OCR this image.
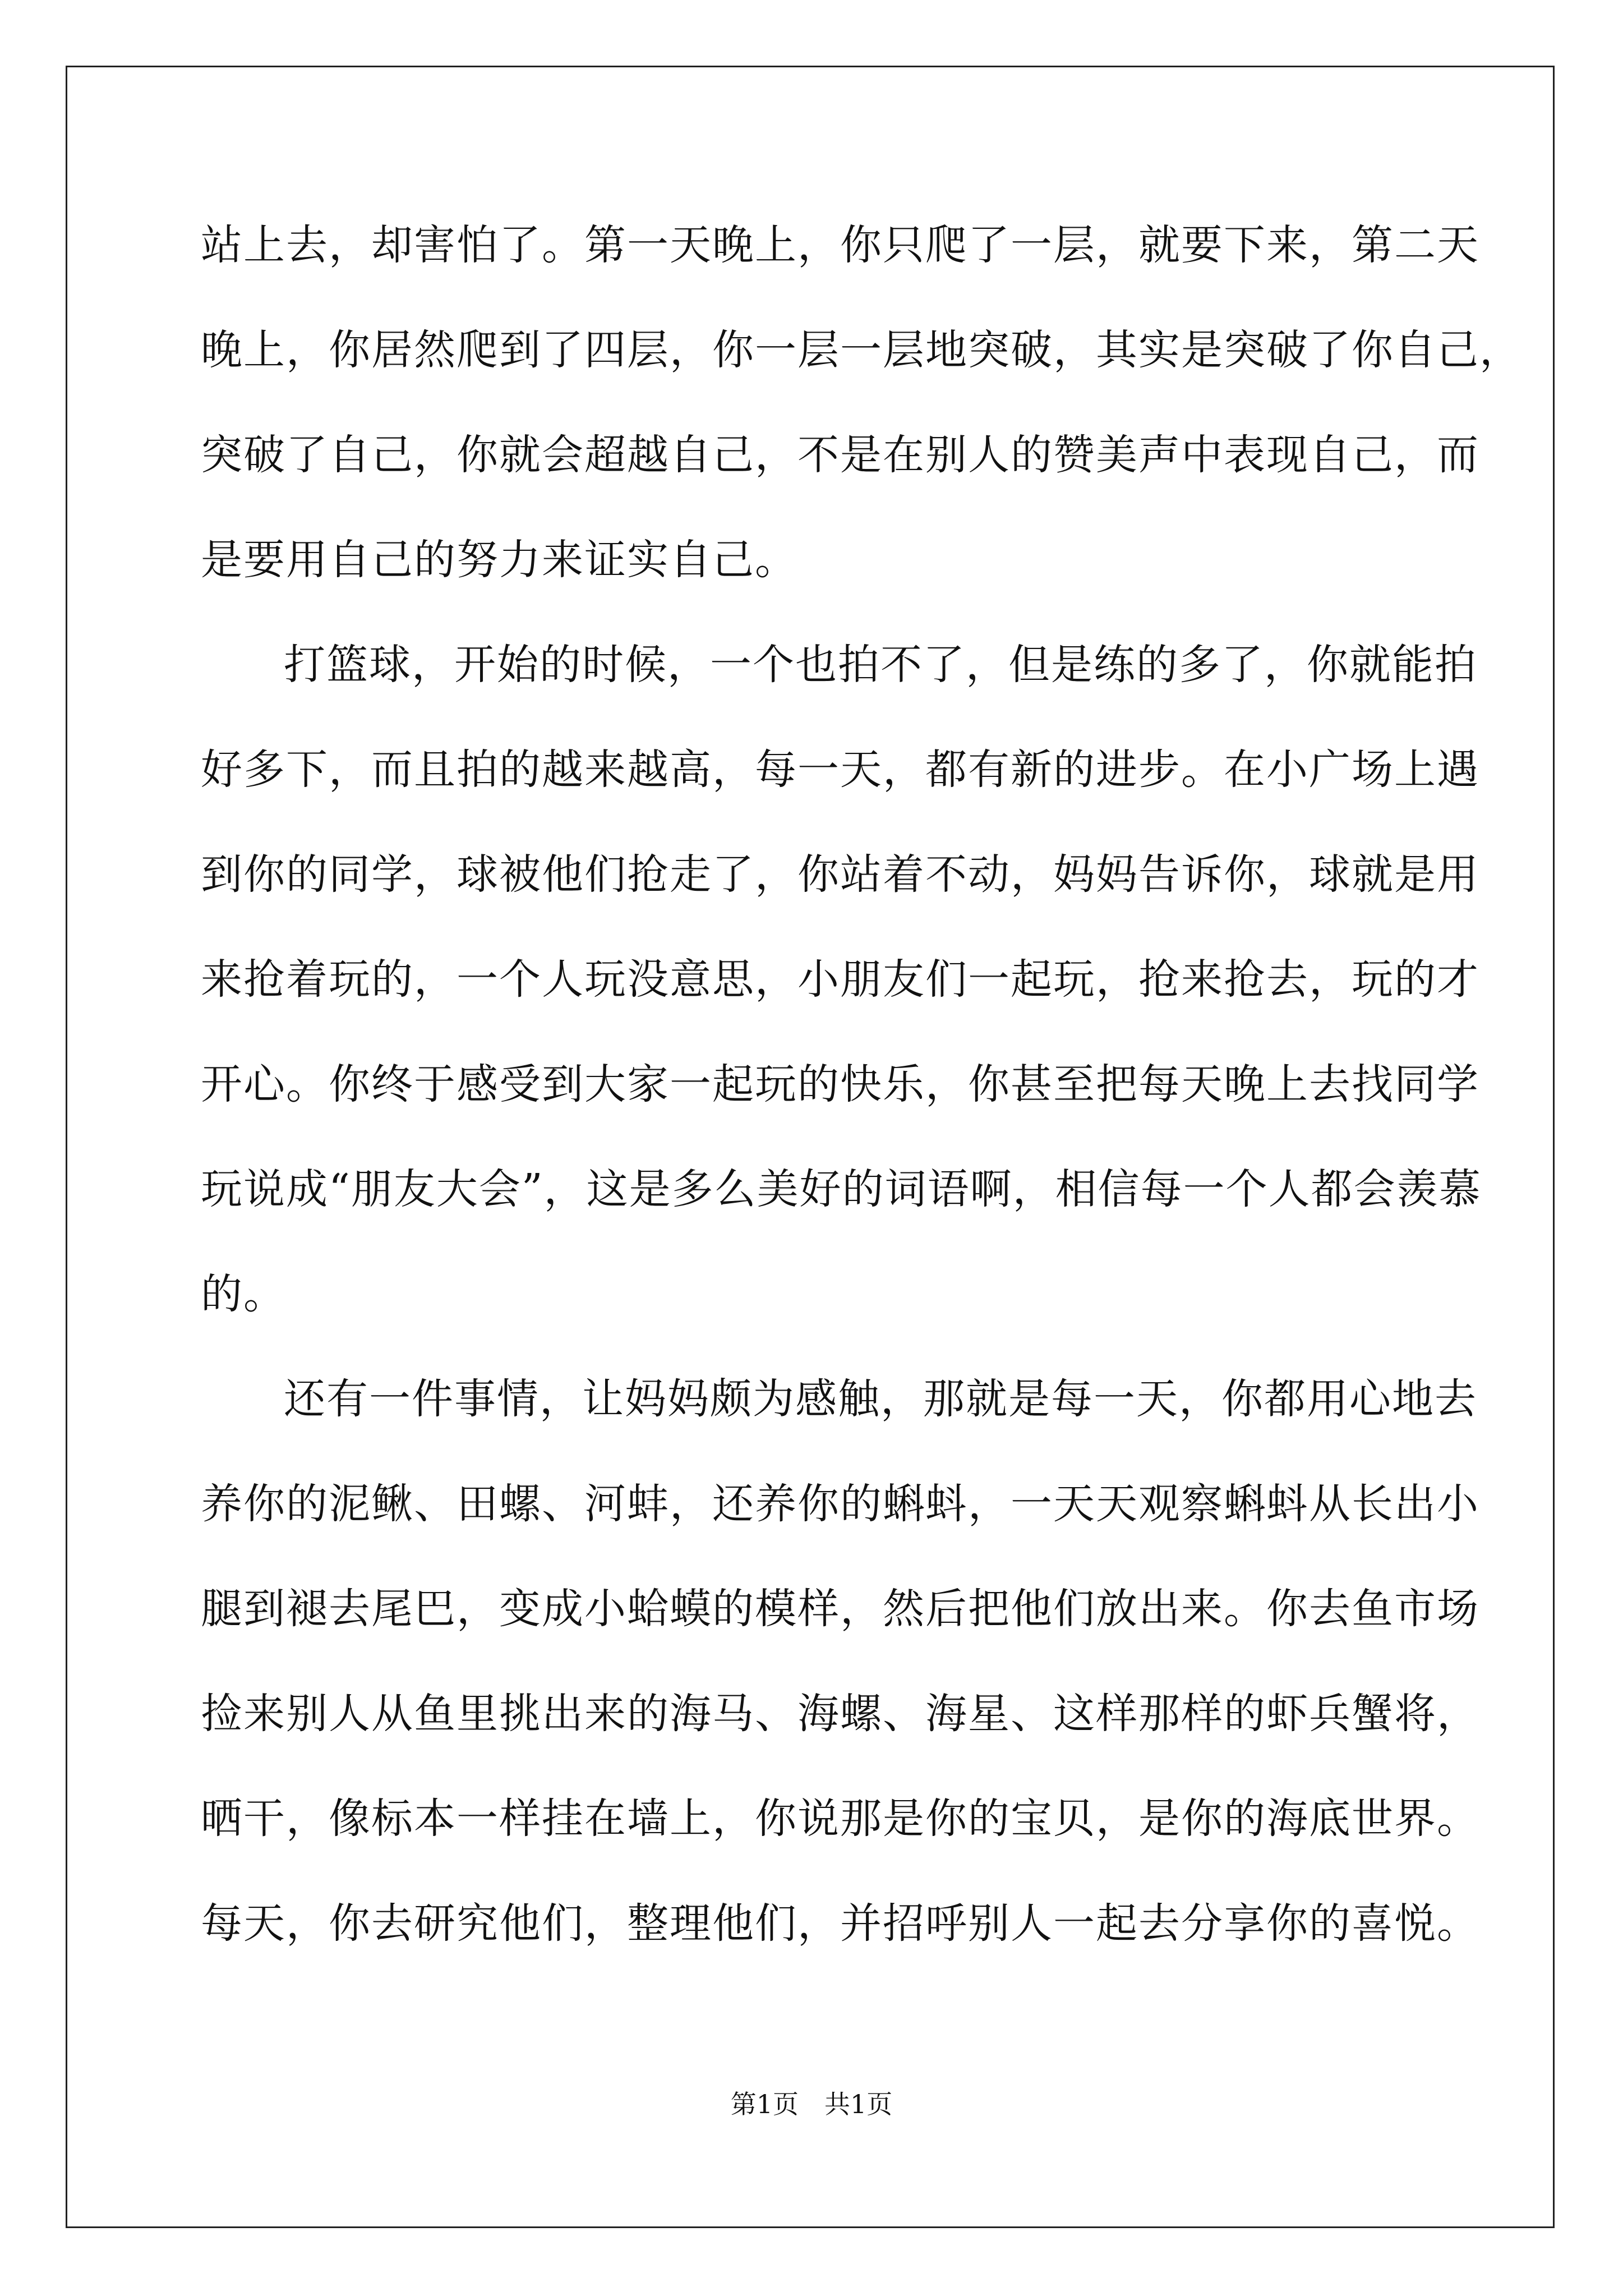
站上去，却害怕了。第一天晚上，你只爬了一层，就要下来，第二天
晚上，你居然爬到了四层，你一层一层地突破，其实是突破了你自己，
突破了自己，你就会超越自己，不是在别人的赞美声中表现自己，而
是要用自己的努力来证实自己。
打篮球，开始的时候，一个也拍不了，但是练的多了，你就能拍
好多下，而且拍的越来越高，每一天，都有新的进步。在小广场上遇
到你的同学，球被他们抢走了，你站着不动，妈妈告诉你，球就是用
来抢着玩的，一个人玩没意思，小朋友们一起玩，抢来抢去，玩的才
开心。你终于感受到大家一起玩的快乐，你甚至把每天晚上去找同学
玩说成“朋友大会”，这是多么美好的词语啊，相信每一个人都会羡慕
的。
还有一件事情，让妈妈颇为感触，那就是每一天，你都用心地去
养你的泥鳅、田螺、河蚌，还养你的蝌蚪，一天天观察蝌蚪从长出小
腿到褪去尾巴，变成小蛤蟆的模样，然后把他们放出来。你去鱼市场
捡来别人从鱼里挑出来的海马、海螺、海星、这样那样的虾兵蟹将，
晒干，像标本一样挂在墙上，你说那是你的宝贝，是你的海底世界。
每天，你去研究他们，整理他们，并招呼别人一起去分享你的喜悦。
第1页 共1页
